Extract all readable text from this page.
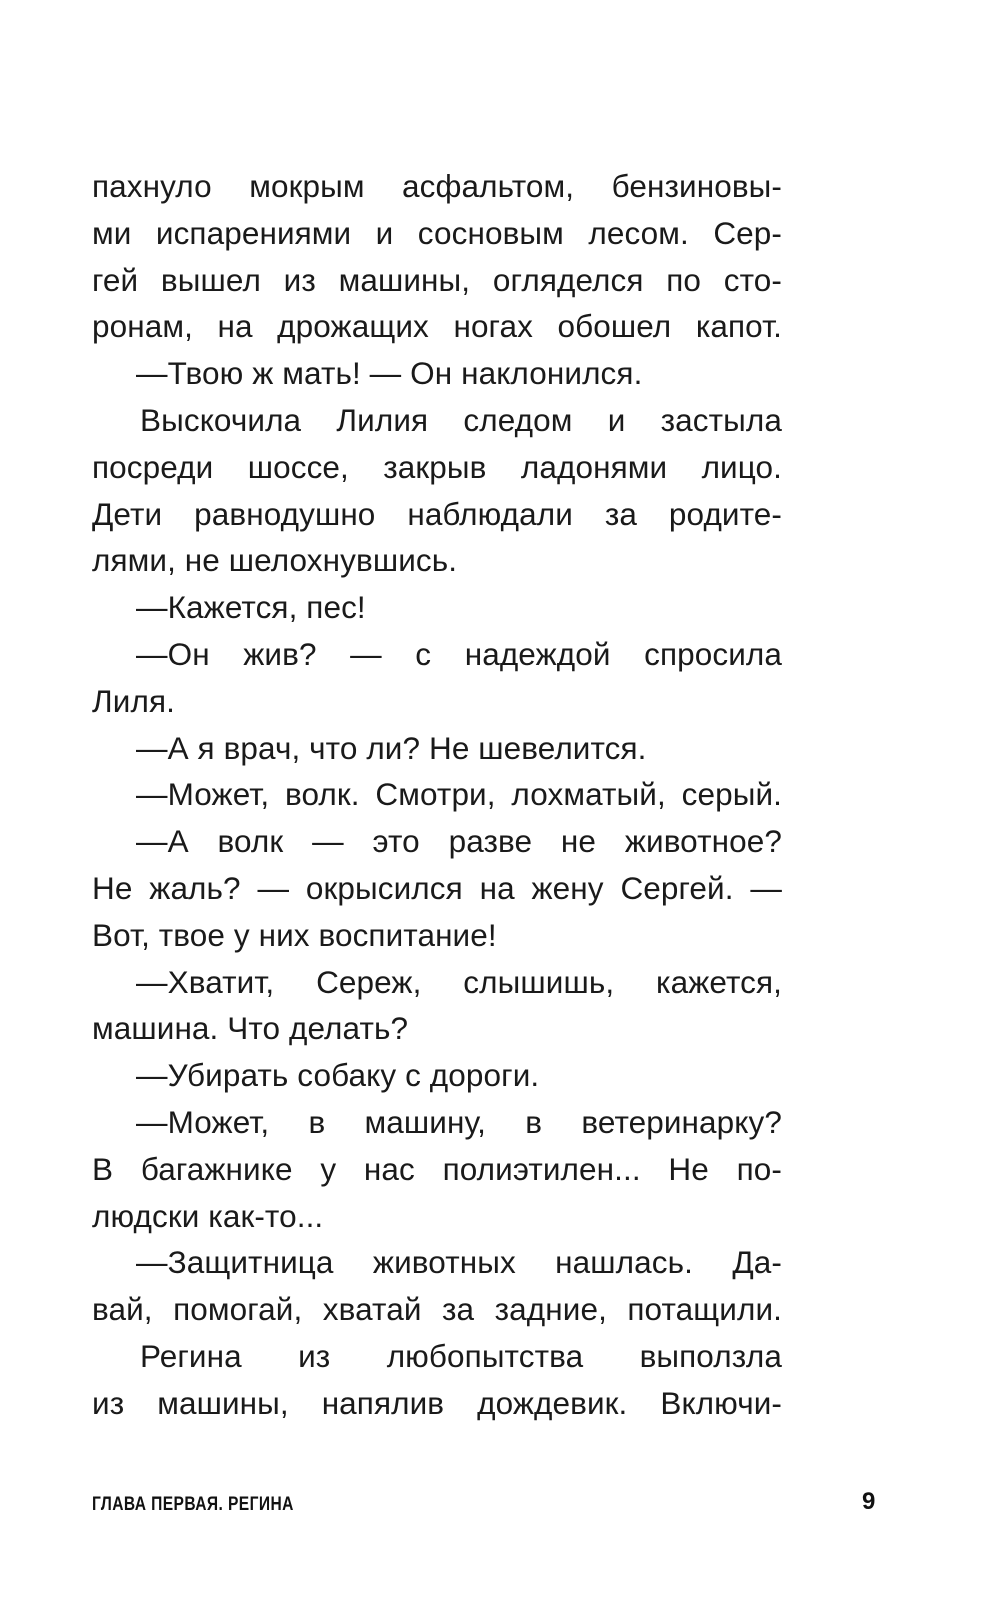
пахнуло мокрым асфальтом, бензиновы-
ми испарениями и сосновым лесом. Сер-
гей вышел из машины, огляделся по сто-
ронам, на дрожащих ногах обошел капот.
—Твою ж мать! — Он наклонился.
Выскочила Лилия следом и застыла
посреди шоссе, закрыв ладонями лицо.
Дети равнодушно наблюдали за родите-
лями, не шелохнувшись.
—Кажется, пес!
—Он жив? — с надеждой спросила
Лиля.
—А я врач, что ли? Не шевелится.
—Может, волк. Смотри, лохматый, серый.
—А волк — это разве не животное?
Не жаль? — окрысился на жену Сергей. —
Вот, твое у них воспитание!
—Хватит, Сереж, слышишь, кажется,
машина. Что делать?
—Убирать собаку с дороги.
—Может, в машину, в ветеринарку?
В багажнике у нас полиэтилен... Не по-
людски как-то...
—Защитница животных нашлась. Да-
вай, помогай, хватай за задние, потащили.
Регина из любопытства выползла
из машины, напялив дождевик. Включи-
ГЛАВА ПЕРВАЯ. РЕГИНА	9
